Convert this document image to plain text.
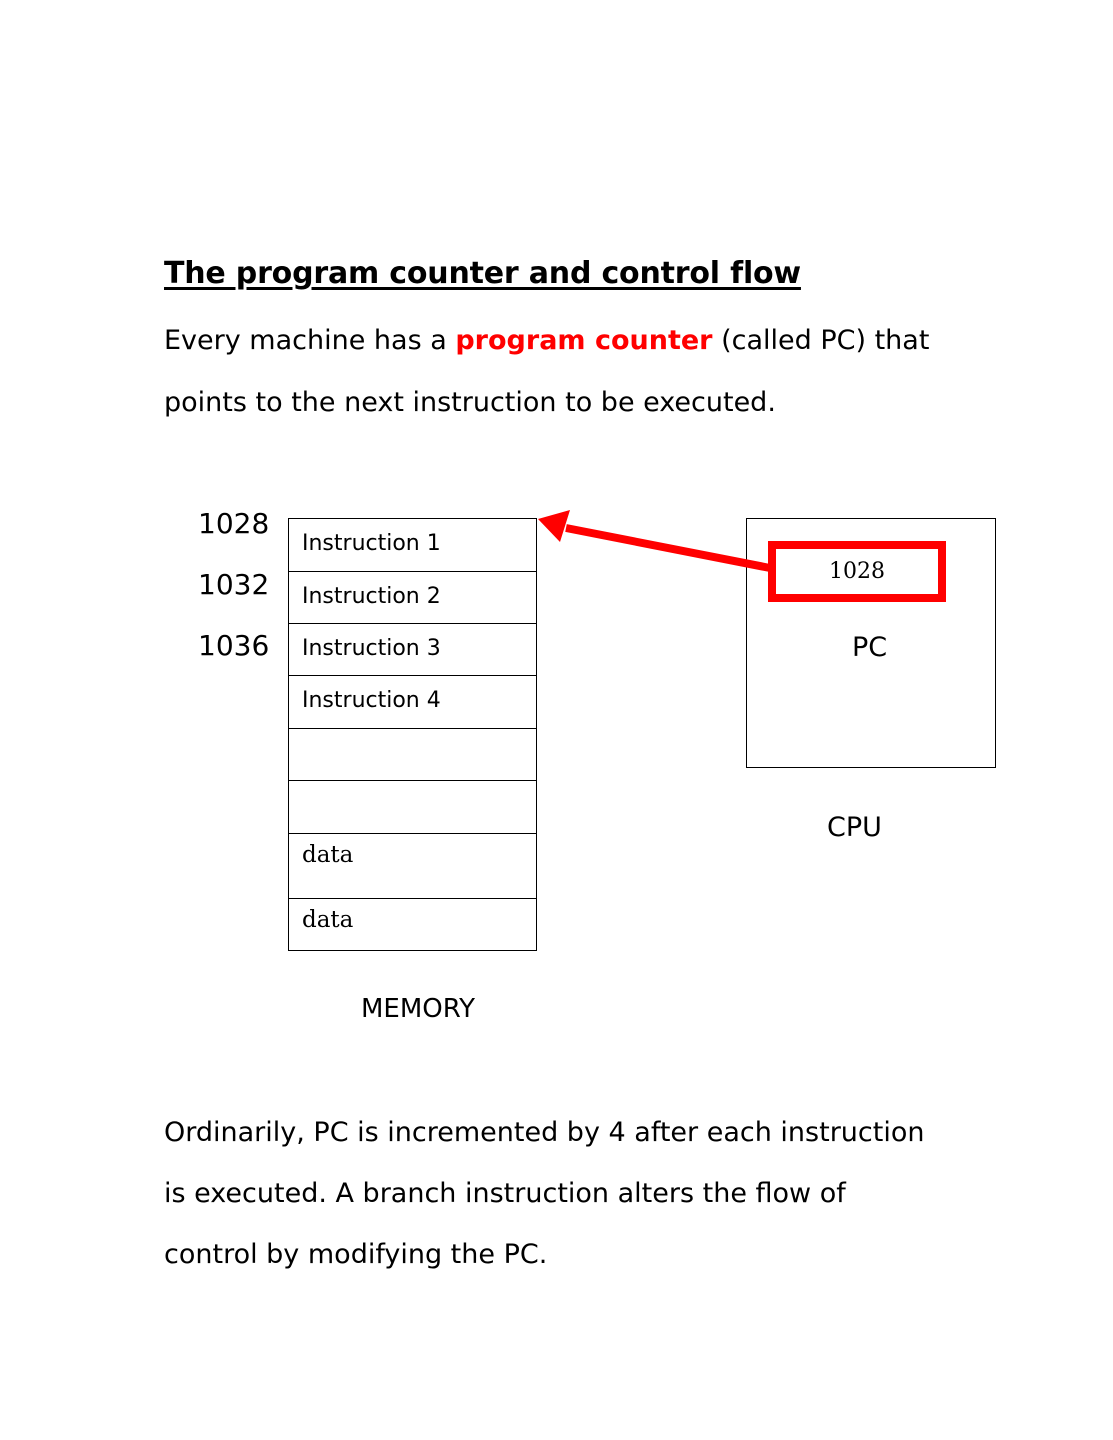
The program counter and control flow
Every machine has a program counter (called PC) that
points to the next instruction to be executed.
1028
1032
1036
Instruction 1
Instruction 2
Instruction 3
Instruction 4
data
data
MEMORY
1028
PC
CPU
Ordinarily, PC is incremented by 4 after each instruction
is executed. A branch instruction alters the flow of
control by modifying the PC.
